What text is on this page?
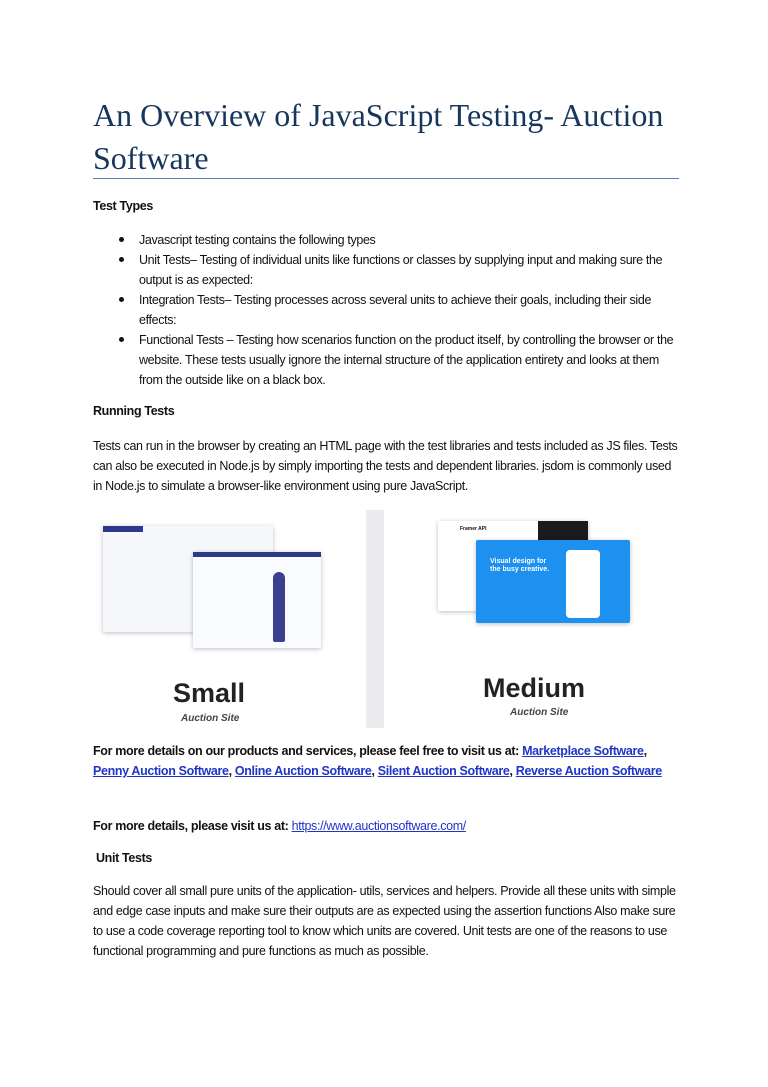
An Overview of JavaScript Testing- Auction Software
Test Types
Javascript testing contains the following types
Unit Tests– Testing of individual units like functions or classes by supplying input and making sure the output is as expected:
Integration Tests– Testing processes across several units to achieve their goals, including their side effects:
Functional Tests – Testing how scenarios function on the product itself, by controlling the browser or the website. These tests usually ignore the internal structure of the application entirety and looks at them from the outside like on a black box.
Running Tests
Tests can run in the browser by creating an HTML page with the test libraries and tests included as JS files. Tests can also be executed in Node.js by simply importing the tests and dependent libraries. jsdom is commonly used in Node.js to simulate a browser-like environment using pure JavaScript.
Small
Auction Site
Framer API
Visual design for the busy creative.
Medium
Auction Site
For more details on our products and services, please feel free to visit us at: Marketplace Software, Penny Auction Software, Online Auction Software, Silent Auction Software, Reverse Auction Software
For more details, please visit us at: https://www.auctionsoftware.com/
Unit Tests
Should cover all small pure units of the application- utils, services and helpers. Provide all these units with simple and edge case inputs and make sure their outputs are as expected using the assertion functions Also make sure to use a code coverage reporting tool to know which units are covered. Unit tests are one of the reasons to use functional programming and pure functions as much as possible.
